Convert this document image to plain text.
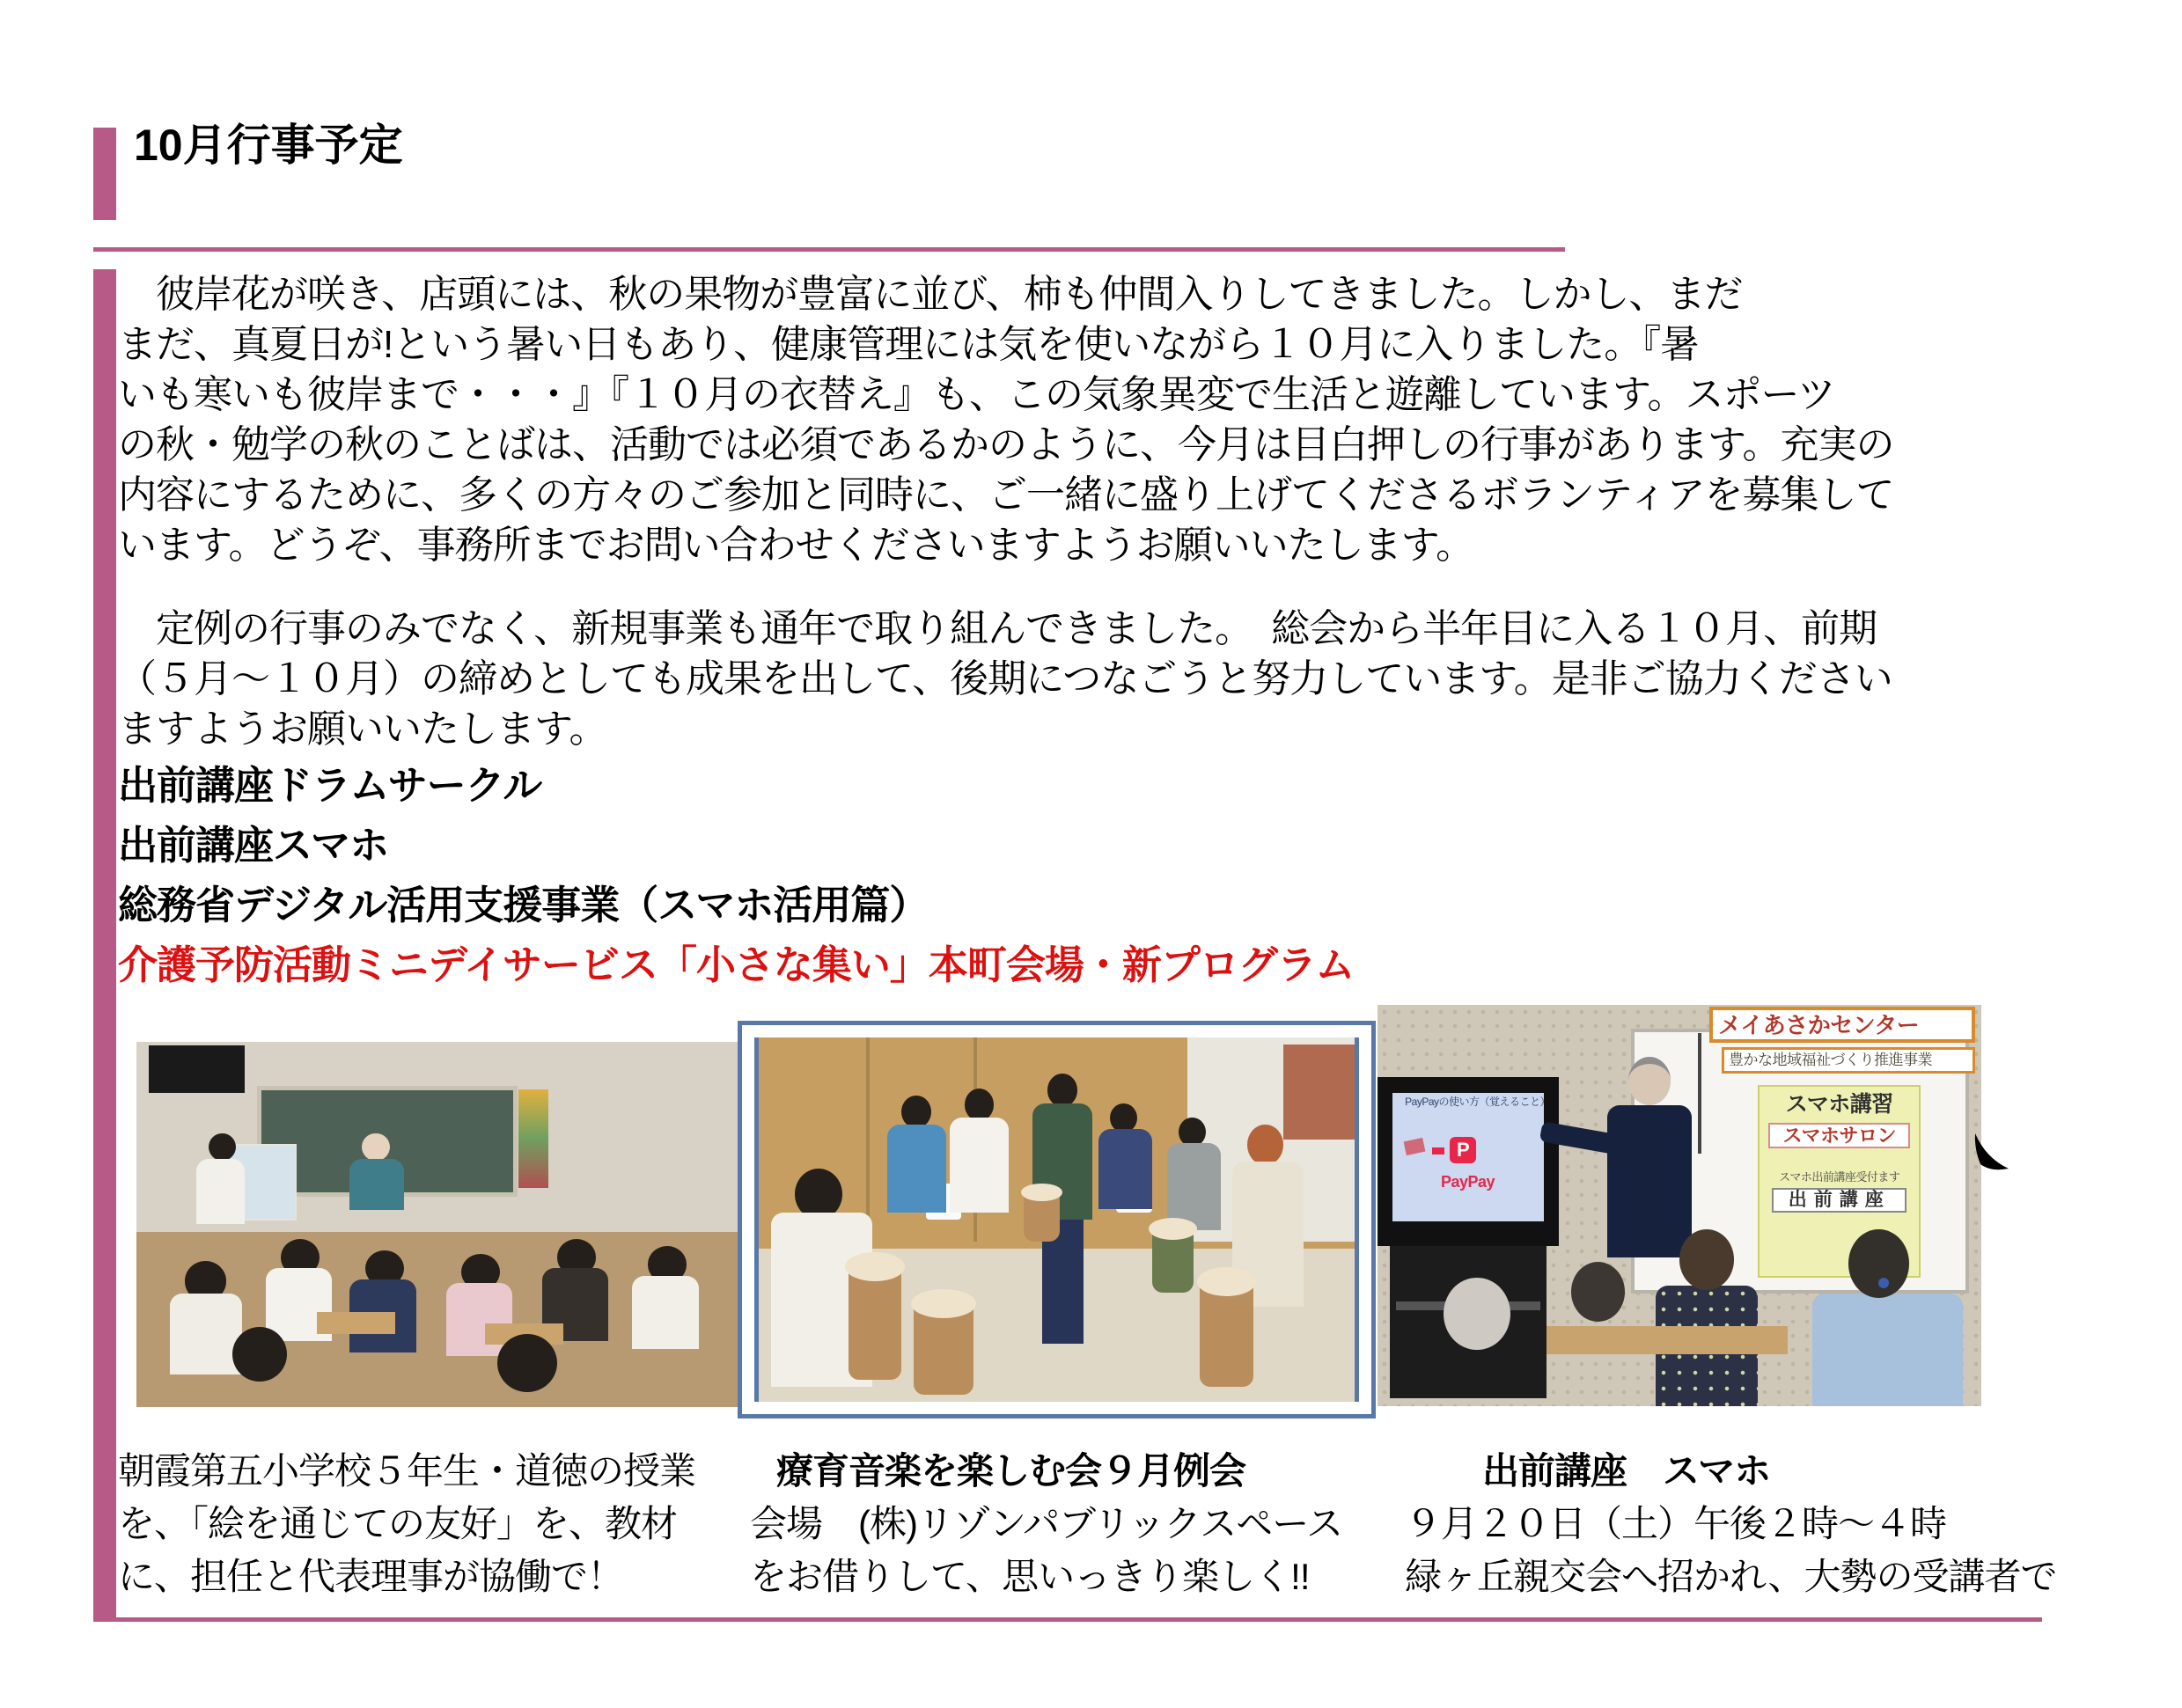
10月行事予定
　彼岸花が咲き、店頭には、秋の果物が豊富に並び、柿も仲間入りしてきました。しかし、まだ
まだ、真夏日が!という暑い日もあり、健康管理には気を使いながら１０月に入りました。『暑
いも寒いも彼岸まで・・・』『１０月の衣替え』も、この気象異変で生活と遊離しています。スポーツ
の秋・勉学の秋のことばは、活動では必須であるかのように、今月は目白押しの行事があります。充実の
内容にするために、多くの方々のご参加と同時に、ご一緒に盛り上げてくださるボランティアを募集して
います。どうぞ、事務所までお問い合わせくださいますようお願いいたします。
　定例の行事のみでなく、新規事業も通年で取り組んできました。　総会から半年目に入る１０月、前期
（５月～１０月）の締めとしても成果を出して、後期につなごうと努力しています。是非ご協力ください
ますようお願いいたします。
出前講座ドラムサークル
出前講座スマホ
総務省デジタル活用支援事業（スマホ活用篇）
介護予防活動ミニデイサービス「小さな集い」本町会場・新プログラム
メイあさかセンター
豊かな地域福祉づくり推進事業
スマホ講習
スマホサロン
スマホ出前講座受付ます
出前講座
PayPayの使い方（覚えること）
P
PayPay
朝霞第五小学校５年生・道徳の授業
を、「絵を通じての友好」を、教材
に、担任と代表理事が協働で！
療育音楽を楽しむ会９月例会
会場　(株)リゾンパブリックスペース
をお借りして、思いっきり楽しく!!
出前講座　スマホ
９月２０日（土）午後２時～４時
緑ヶ丘親交会へ招かれ、大勢の受講者で
